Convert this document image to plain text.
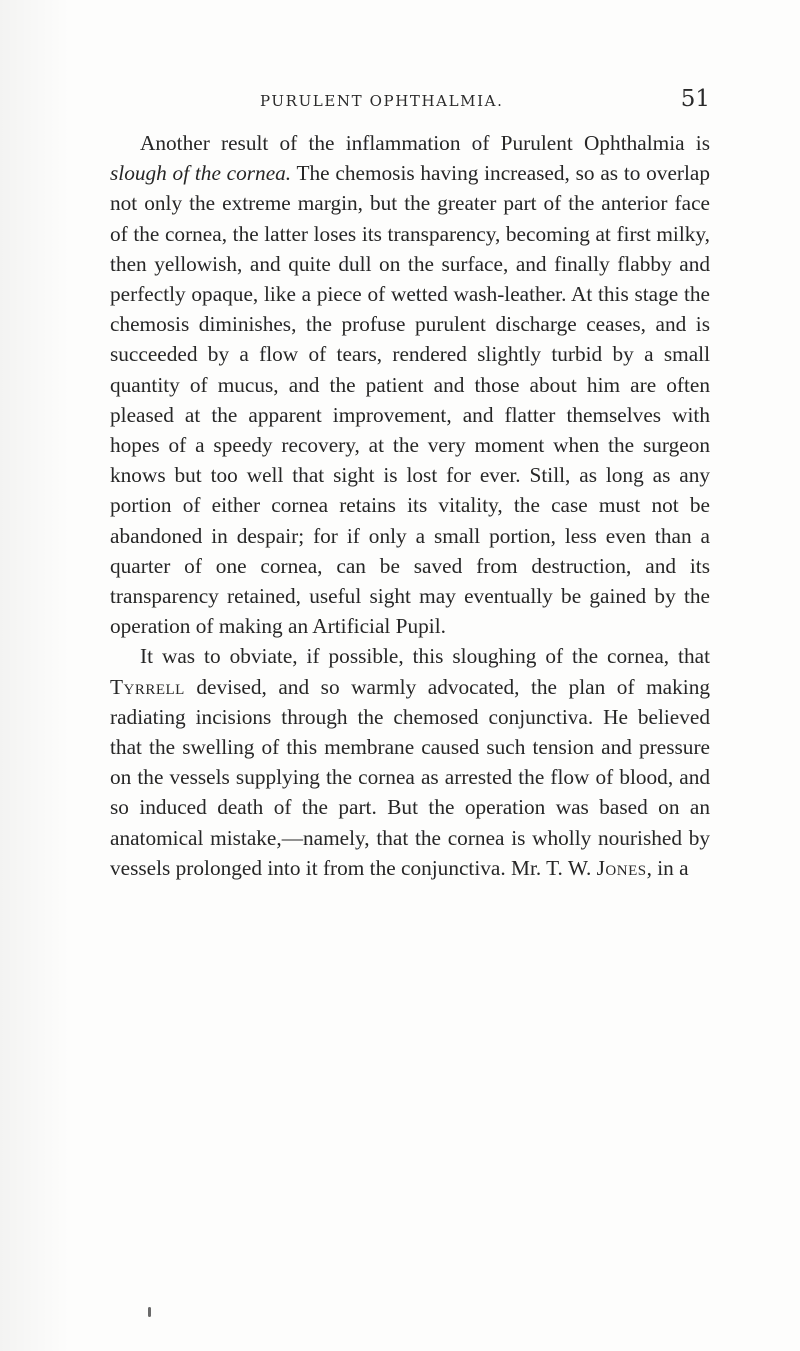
PURULENT OPHTHALMIA.	51

Another result of the inflammation of Purulent Ophthalmia is slough of the cornea. The chemosis having increased, so as to overlap not only the extreme margin, but the greater part of the anterior face of the cornea, the latter loses its transparency, becoming at first milky, then yellowish, and quite dull on the surface, and finally flabby and perfectly opaque, like a piece of wetted wash-leather. At this stage the chemosis diminishes, the profuse purulent discharge ceases, and is succeeded by a flow of tears, rendered slightly turbid by a small quantity of mucus, and the patient and those about him are often pleased at the apparent improvement, and flatter themselves with hopes of a speedy recovery, at the very moment when the surgeon knows but too well that sight is lost for ever. Still, as long as any portion of either cornea retains its vitality, the case must not be abandoned in despair; for if only a small portion, less even than a quarter of one cornea, can be saved from destruction, and its transparency retained, useful sight may eventually be gained by the operation of making an Artificial Pupil.

It was to obviate, if possible, this sloughing of the cornea, that Tyrrell devised, and so warmly advocated, the plan of making radiating incisions through the chemosed conjunctiva. He believed that the swelling of this membrane caused such tension and pressure on the vessels supplying the cornea as arrested the flow of blood, and so induced death of the part. But the operation was based on an anatomical mistake,—namely, that the cornea is wholly nourished by vessels prolonged into it from the conjunctiva. Mr. T. W. Jones, in a
